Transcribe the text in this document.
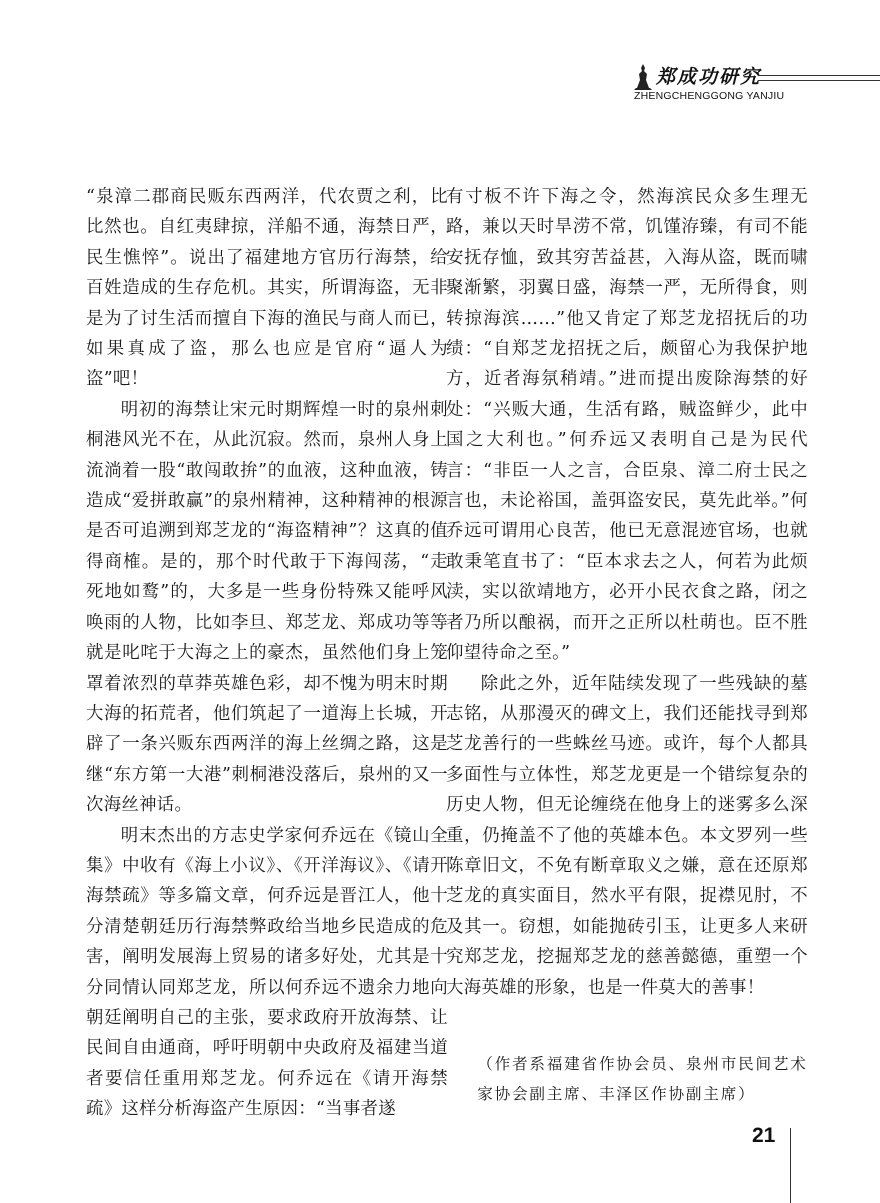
郑成功研究
ZHENGCHENGGONG YANJIU

“泉漳二郡商民贩东西两洋，代农贾之利，比比然也。自红夷肆掠，洋船不通，海禁日严，民生憔悴”。说出了福建地方官历行海禁，给百姓造成的生存危机。其实，所谓海盗，无非是为了讨生活而擅自下海的渔民与商人而已，如果真成了盗，那么也应是官府“逼人为盗”吧！

明初的海禁让宋元时期辉煌一时的泉州刺桐港风光不在，从此沉寂。然而，泉州人身上流淌着一股“敢闯敢拚”的血液，这种血液，铸造成“爱拼敢赢”的泉州精神，这种精神的根源是否可追溯到郑芝龙的“海盗精神”？这真的值得商榷。是的，那个时代敢于下海闯荡，“走死地如鹜”的，大多是一些身份特殊又能呼风唤雨的人物，比如李旦、郑芝龙、郑成功等等就是叱咤于大海之上的豪杰，虽然他们身上笼罩着浓烈的草莽英雄色彩，却不愧为明末时期大海的拓荒者，他们筑起了一道海上长城，开辟了一条兴贩东西两洋的海上丝绸之路，这是继“东方第一大港”刺桐港没落后，泉州的又一次海丝神话。

明末杰出的方志史学家何乔远在《镜山全集》中收有《海上小议》、《开洋海议》、《请开海禁疏》等多篇文章，何乔远是晋江人，他十分清楚朝廷历行海禁弊政给当地乡民造成的危害，阐明发展海上贸易的诸多好处，尤其是十分同情认同郑芝龙，所以何乔远不遗余力地向朝廷阐明自己的主张，要求政府开放海禁、让民间自由通商，呼吁明朝中央政府及福建当道者要信任重用郑芝龙。何乔远在《请开海禁疏》这样分析海盗产生原因：“当事者遂

有寸板不许下海之令，然海滨民众多生理无路，兼以天时旱涝不常，饥馑洊臻，有司不能安抚存恤，致其穷苦益甚，入海从盗，既而啸聚渐繁，羽翼日盛，海禁一严，无所得食，则转掠海滨……”他又肯定了郑芝龙招抚后的功绩：“自郑芝龙招抚之后，颇留心为我保护地方，近者海氛稍靖。”进而提出废除海禁的好处：“兴贩大通，生活有路，贼盗鲜少，此中国之大利也。”何乔远又表明自己是为民代言：“非臣一人之言，合臣泉、漳二府士民之言也，未论裕国，盖弭盗安民，莫先此举。”何乔远可谓用心良苦，他已无意混迹官场，也就敢秉笔直书了：“臣本求去之人，何若为此烦渎，实以欲靖地方，必开小民衣食之路，闭之者乃所以酿祸，而开之正所以杜萌也。臣不胜仰望待命之至。”

除此之外，近年陆续发现了一些残缺的墓志铭，从那漫灭的碑文上，我们还能找寻到郑芝龙善行的一些蛛丝马迹。或许，每个人都具多面性与立体性，郑芝龙更是一个错综复杂的历史人物，但无论缠绕在他身上的迷雾多么深重，仍掩盖不了他的英雄本色。本文罗列一些陈章旧文，不免有断章取义之嫌，意在还原郑芝龙的真实面目，然水平有限，捉襟见肘，不及其一。窃想，如能抛砖引玉，让更多人来研究郑芝龙，挖掘郑芝龙的慈善懿德，重塑一个大海英雄的形象，也是一件莫大的善事！

（作者系福建省作协会员、泉州市民间艺术家协会副主席、丰泽区作协副主席）

21
